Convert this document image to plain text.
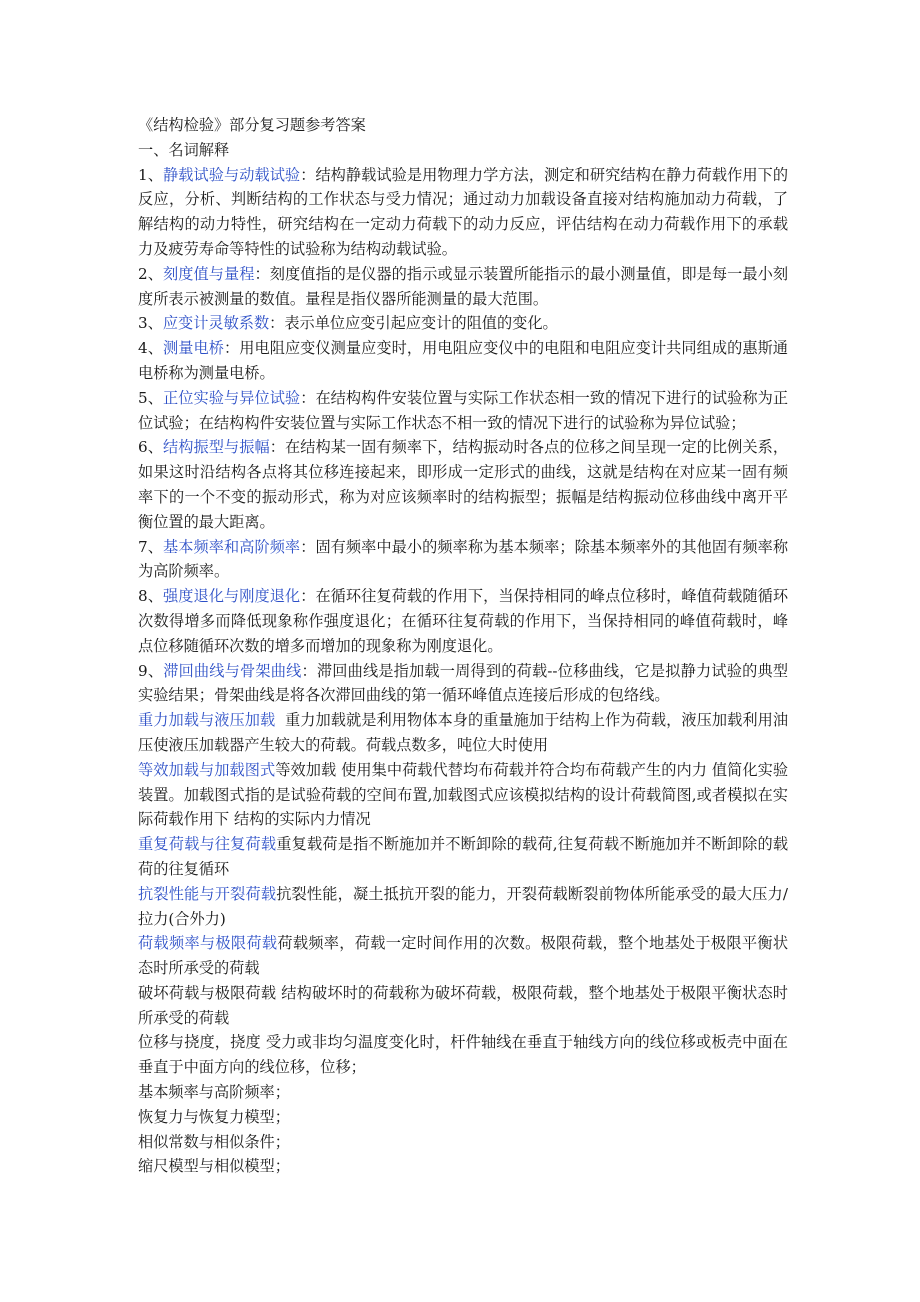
《结构检验》部分复习题参考答案

一、名词解释

1、静载试验与动载试验：结构静载试验是用物理力学方法，测定和研究结构在静力荷载作用下的反应，分析、判断结构的工作状态与受力情况；通过动力加载设备直接对结构施加动力荷载，了解结构的动力特性，研究结构在一定动力荷载下的动力反应，评估结构在动力荷载作用下的承载力及疲劳寿命等特性的试验称为结构动载试验。

2、刻度值与量程：刻度值指的是仪器的指示或显示装置所能指示的最小测量值，即是每一最小刻度所表示被测量的数值。量程是指仪器所能测量的最大范围。

3、应变计灵敏系数：表示单位应变引起应变计的阻值的变化。

4、测量电桥：用电阻应变仪测量应变时，用电阻应变仪中的电阻和电阻应变计共同组成的惠斯通电桥称为测量电桥。

5、正位实验与异位试验：在结构构件安装位置与实际工作状态相一致的情况下进行的试验称为正位试验；在结构构件安装位置与实际工作状态不相一致的情况下进行的试验称为异位试验；

6、结构振型与振幅：在结构某一固有频率下，结构振动时各点的位移之间呈现一定的比例关系，如果这时沿结构各点将其位移连接起来，即形成一定形式的曲线，这就是结构在对应某一固有频率下的一个不变的振动形式，称为对应该频率时的结构振型；振幅是结构振动位移曲线中离开平衡位置的最大距离。

7、基本频率和高阶频率：固有频率中最小的频率称为基本频率；除基本频率外的其他固有频率称为高阶频率。

8、强度退化与刚度退化：在循环往复荷载的作用下，当保持相同的峰点位移时，峰值荷载随循环次数得增多而降低现象称作强度退化；在循环往复荷载的作用下，当保持相同的峰值荷载时，峰点位移随循环次数的增多而增加的现象称为刚度退化。

9、滞回曲线与骨架曲线：滞回曲线是指加载一周得到的荷载--位移曲线，它是拟静力试验的典型实验结果；骨架曲线是将各次滞回曲线的第一循环峰值点连接后形成的包络线。

重力加载与液压加载 重力加载就是利用物体本身的重量施加于结构上作为荷载，液压加载利用油压使液压加载器产生较大的荷载。荷载点数多，吨位大时使用

等效加载与加载图式等效加载 使用集中荷载代替均布荷载并符合均布荷载产生的内力 值简化实验装置。加载图式指的是试验荷载的空间布置,加载图式应该模拟结构的设计荷载简图,或者模拟在实际荷载作用下 结构的实际内力情况

重复荷载与往复荷载重复载荷是指不断施加并不断卸除的载荷,往复荷载不断施加并不断卸除的载荷的往复循环

抗裂性能与开裂荷载抗裂性能，凝土抵抗开裂的能力，开裂荷载断裂前物体所能承受的最大压力/拉力(合外力)

荷载频率与极限荷载荷载频率，荷载一定时间作用的次数。极限荷载，整个地基处于极限平衡状态时所承受的荷载

破坏荷载与极限荷载 结构破坏时的荷载称为破坏荷载，极限荷载，整个地基处于极限平衡状态时所承受的荷载

位移与挠度，挠度 受力或非均匀温度变化时，杆件轴线在垂直于轴线方向的线位移或板壳中面在垂直于中面方向的线位移，位移；

基本频率与高阶频率；

恢复力与恢复力模型；

相似常数与相似条件；

缩尺模型与相似模型；
